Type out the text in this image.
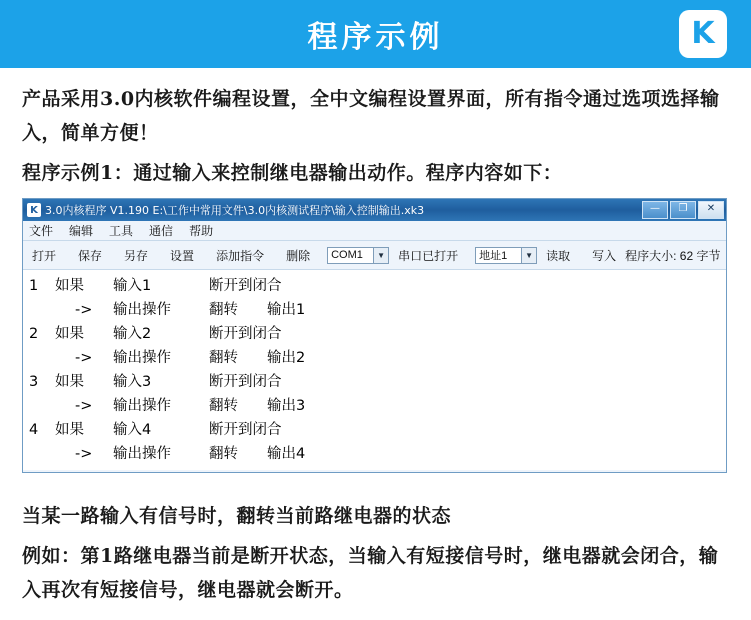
程序示例	K

产品采用3.0内核软件编程设置，全中文编程设置界面，所有指令通过选项选择输入，简单方便！

程序示例1：通过输入来控制继电器输出动作。程序内容如下：

K 3.0内核程序 V1.190 E:\工作中常用文件\3.0内核测试程序\输入控制输出.xk3	—	❐	✕
文件 编辑 工具 通信 帮助
打开	保存	另存	设置	添加指令	删除	COM1	▼	串口已打开	地址1	▼	读取	写入 程序大小: 62 字节
1	如果	输入1	断开到闭合
->	输出操作	翻转	输出1
2	如果	输入2	断开到闭合
->	输出操作	翻转	输出2
3	如果	输入3	断开到闭合
->	输出操作	翻转	输出3
4	如果	输入4	断开到闭合
->	输出操作	翻转	输出4

当某一路输入有信号时，翻转当前路继电器的状态

例如：第1路继电器当前是断开状态，当输入有短接信号时，继电器就会闭合，输入再次有短接信号，继电器就会断开。
